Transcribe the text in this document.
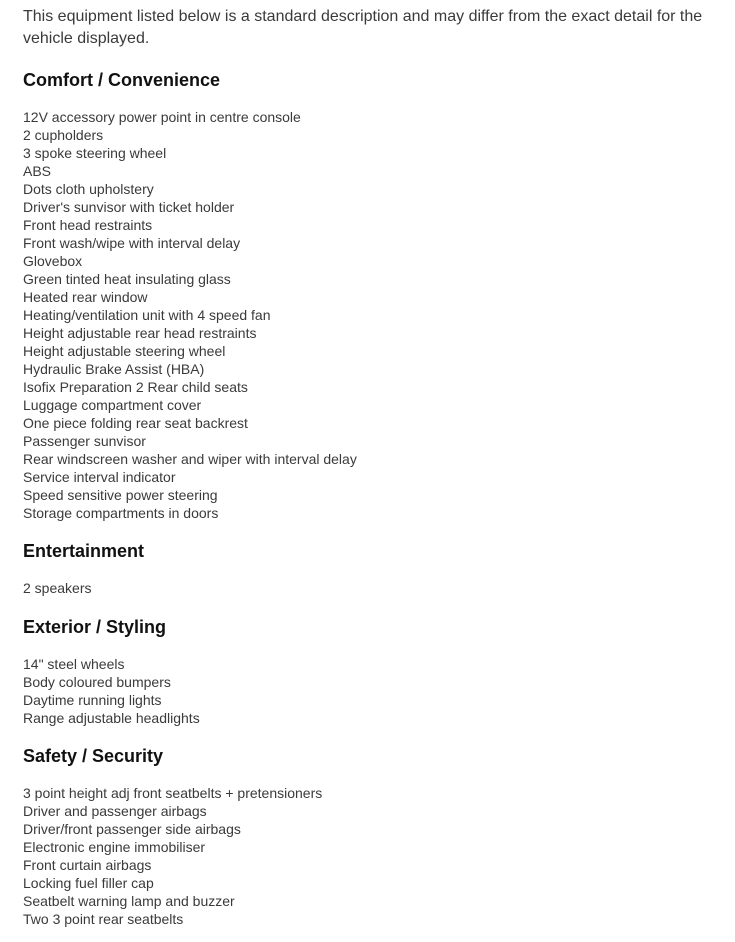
This equipment listed below is a standard description and may differ from the exact detail for the vehicle displayed.

Comfort / Convenience
12V accessory power point in centre console
2 cupholders
3 spoke steering wheel
ABS
Dots cloth upholstery
Driver's sunvisor with ticket holder
Front head restraints
Front wash/wipe with interval delay
Glovebox
Green tinted heat insulating glass
Heated rear window
Heating/ventilation unit with 4 speed fan
Height adjustable rear head restraints
Height adjustable steering wheel
Hydraulic Brake Assist (HBA)
Isofix Preparation 2 Rear child seats
Luggage compartment cover
One piece folding rear seat backrest
Passenger sunvisor
Rear windscreen washer and wiper with interval delay
Service interval indicator
Speed sensitive power steering
Storage compartments in doors
Entertainment
2 speakers
Exterior / Styling
14" steel wheels
Body coloured bumpers
Daytime running lights
Range adjustable headlights
Safety / Security
3 point height adj front seatbelts + pretensioners
Driver and passenger airbags
Driver/front passenger side airbags
Electronic engine immobiliser
Front curtain airbags
Locking fuel filler cap
Seatbelt warning lamp and buzzer
Two 3 point rear seatbelts
